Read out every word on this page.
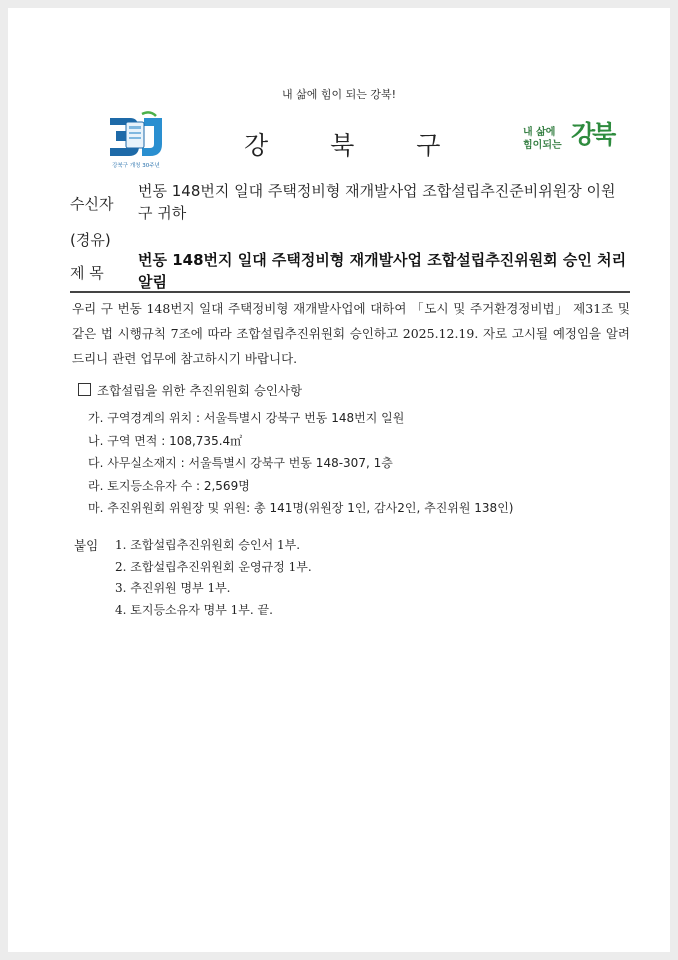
내 삶에 힘이 되는 강북!
강북구 개청 30주년
강북구 내 삶에
힘이되는 강북
수신자
번동 148번지 일대 주택정비형 재개발사업 조합설립추진준비위원장 이원구 귀하
(경유)
제 목
번동 148번지 일대 주택정비형 재개발사업 조합설립추진위원회 승인 처리 알림
우리 구 번동 148번지 일대 주택정비형 재개발사업에 대하여 「도시 및 주거환경정비법」 제31조 및 같은 법 시행규칙 7조에 따라 조합설립추진위원회 승인하고 2025.12.19. 자로 고시될 예정임을 알려드리니 관련 업무에 참고하시기 바랍니다.
조합설립을 위한 추진위원회 승인사항
가. 구역경계의 위치 : 서울특별시 강북구 번동 148번지 일원
나. 구역 면적 : 108,735.4㎡
다. 사무실소재지 : 서울특별시 강북구 번동 148-307, 1층
라. 토지등소유자 수 : 2,569명
마. 추진위원회 위원장 및 위원: 총 141명(위원장 1인, 감사2인, 추진위원 138인)
붙임 1. 조합설립추진위원회 승인서 1부.
2. 조합설립추진위원회 운영규정 1부.
3. 추진위원 명부 1부.
4. 토지등소유자 명부 1부. 끝.
